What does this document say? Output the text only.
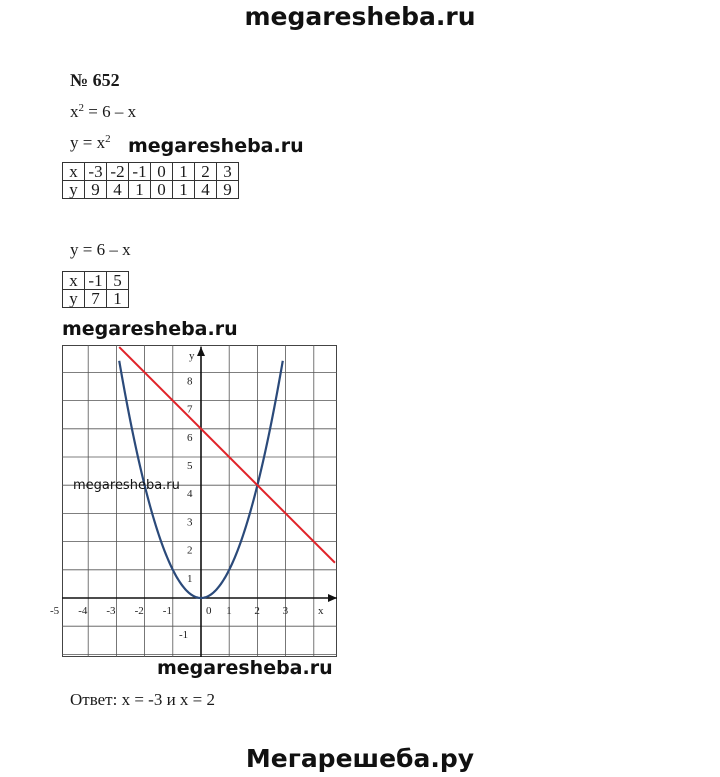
megaresheba.ru
№ 652
$x^2 = 6 - x$
$y = x^2$ megaresheba.ru
x	-3	-2	-1	0	1	2	3
y	9	4	1	0	1	4	9
y = 6 – x
x	-1	5
y	7	1
megaresheba.ru
-5 -4 -3 -2 -1	0 1 2 3
8
7
6
5
4
3
2
1
-1
y
x
megaresheba.ru
megaresheba.ru
Ответ: x = -3 и x = 2
Мегарешеба.ру
